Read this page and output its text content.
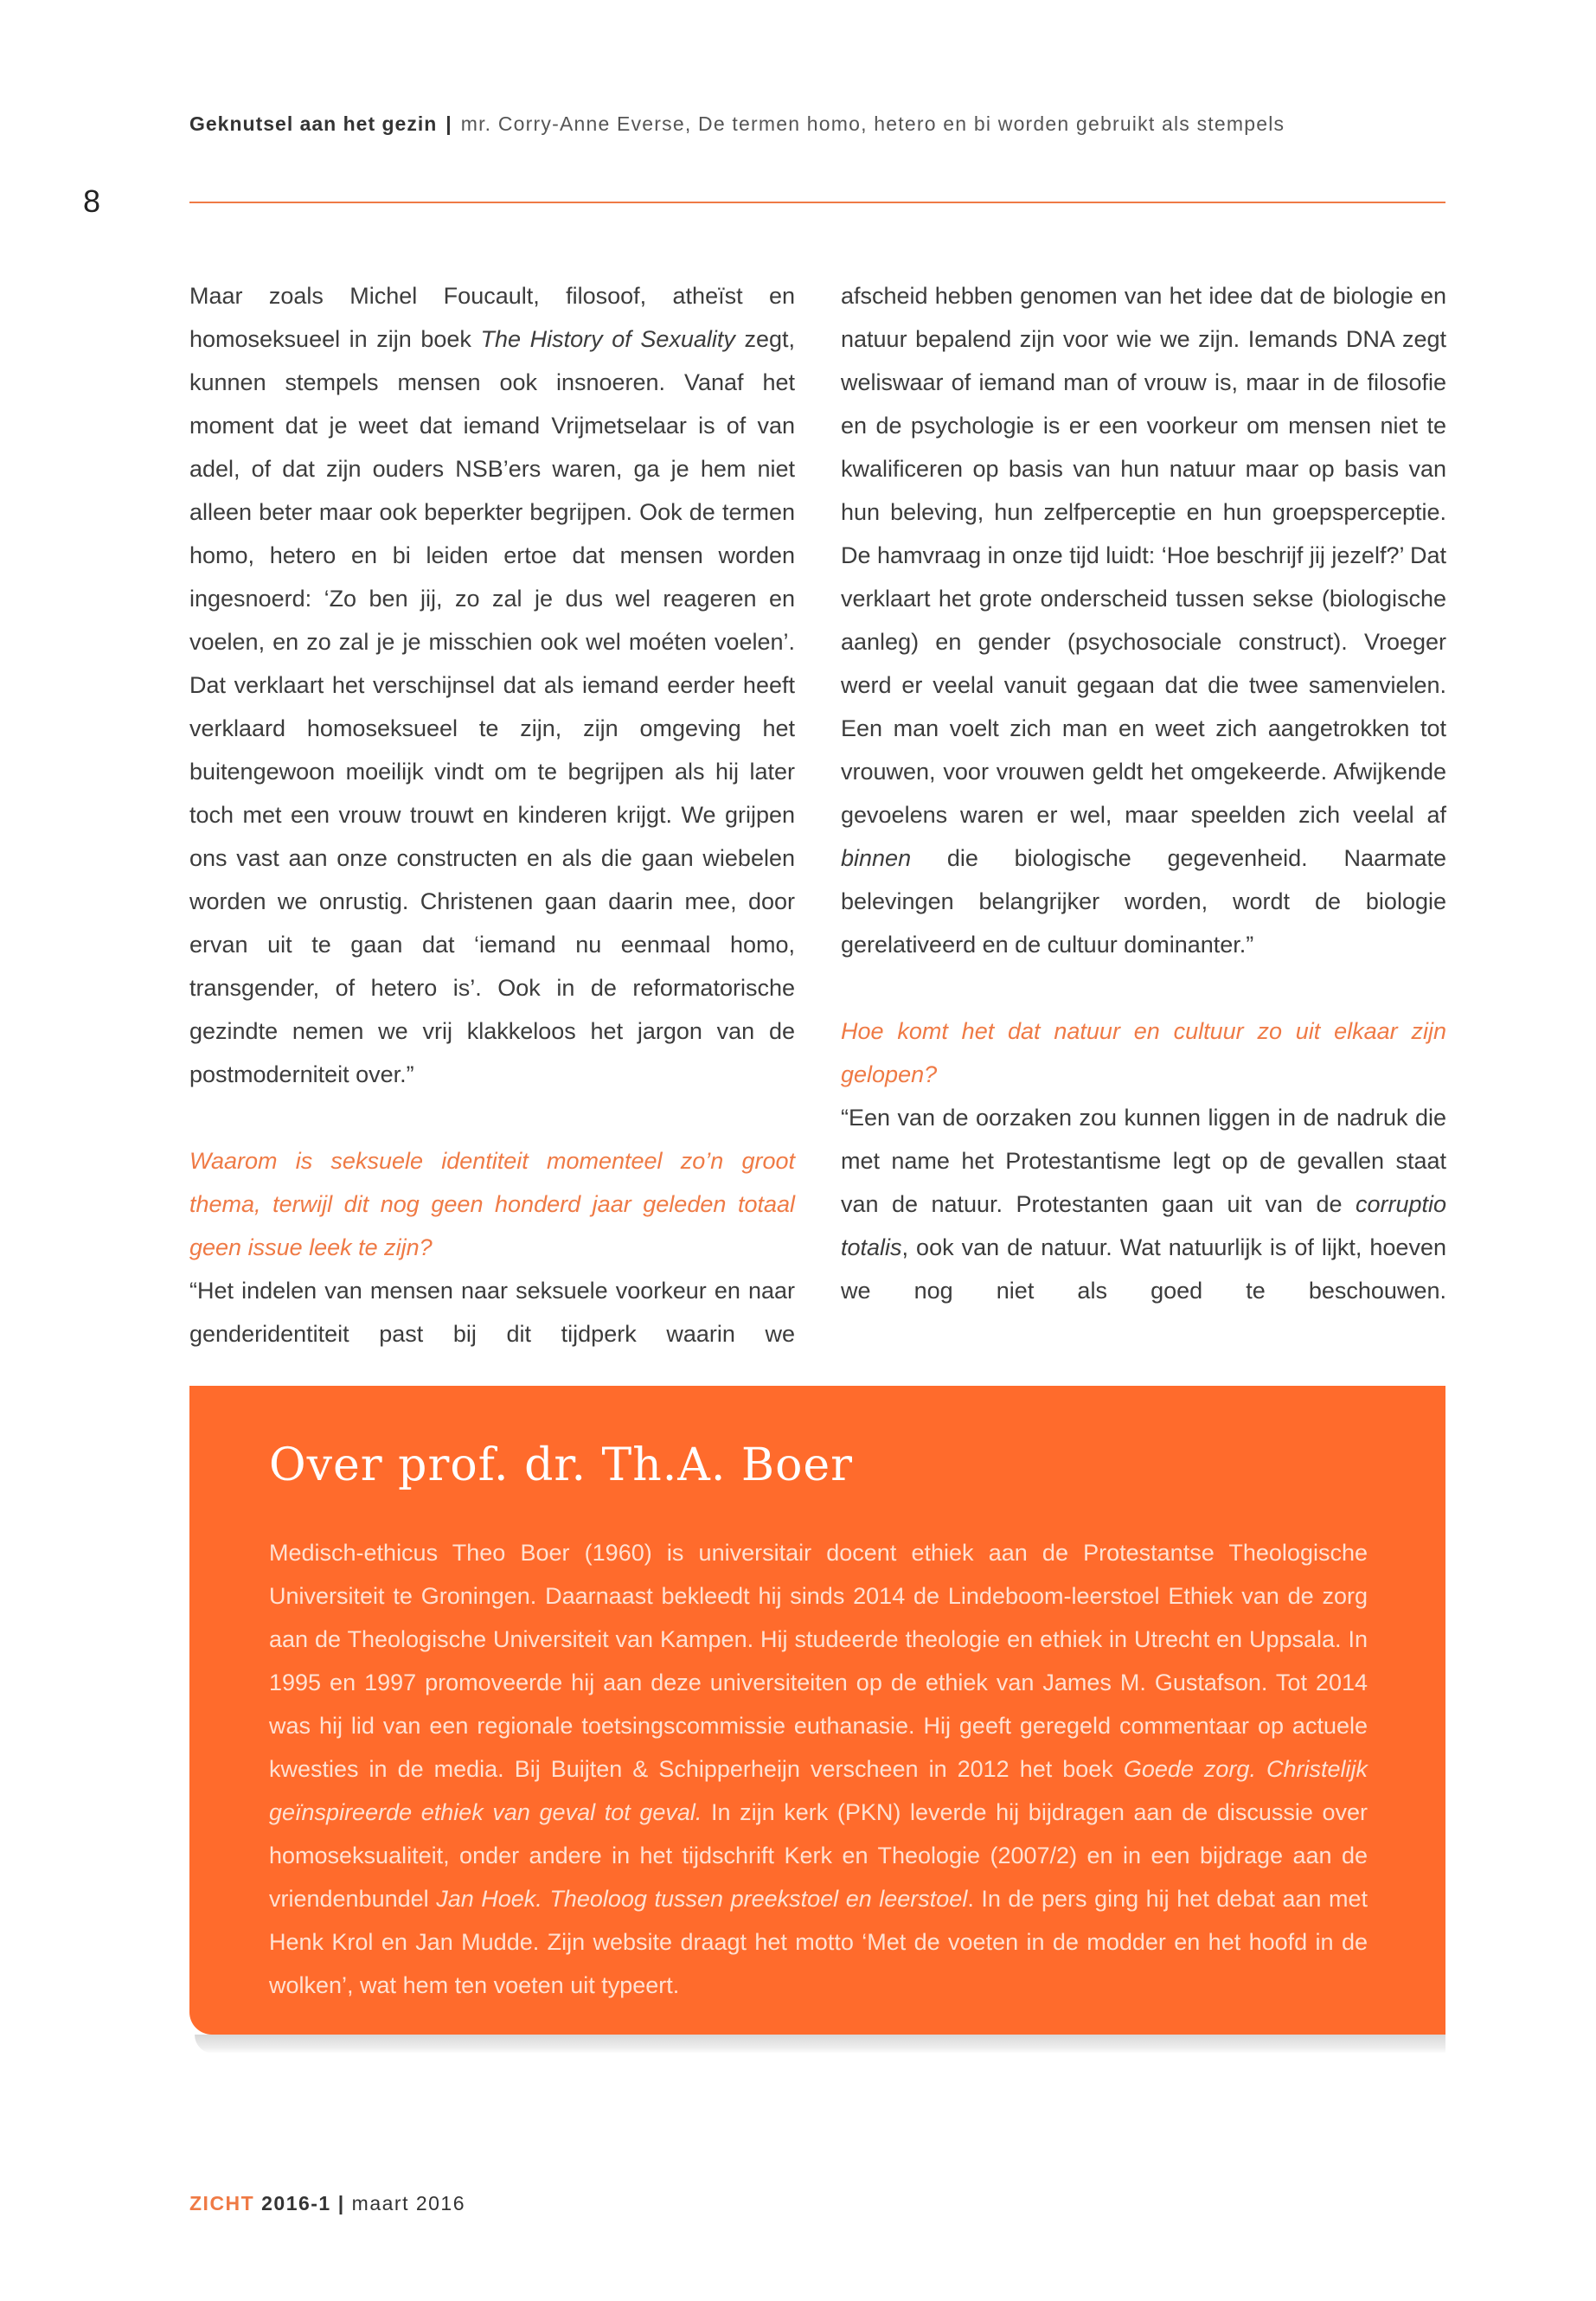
Geknutsel aan het gezin | mr. Corry-Anne Everse, De termen homo, hetero en bi worden gebruikt als stempels
8

Maar zoals Michel Foucault, filosoof, atheïst en homoseksueel in zijn boek The History of Sexuality zegt, kunnen stempels mensen ook insnoeren. Vanaf het moment dat je weet dat iemand Vrijmetselaar is of van adel, of dat zijn ouders NSB’ers waren, ga je hem niet alleen beter maar ook beperkter begrijpen. Ook de termen homo, hetero en bi leiden ertoe dat mensen worden ingesnoerd: ‘Zo ben jij, zo zal je dus wel reageren en voelen, en zo zal je je misschien ook wel moéten voelen’. Dat verklaart het verschijnsel dat als iemand eerder heeft verklaard homoseksueel te zijn, zijn omgeving het buitengewoon moeilijk vindt om te begrijpen als hij later toch met een vrouw trouwt en kinderen krijgt. We grijpen ons vast aan onze constructen en als die gaan wiebelen worden we onrustig. Christenen gaan daarin mee, door ervan uit te gaan dat ‘iemand nu eenmaal homo, transgender, of hetero is’. Ook in de reformatorische gezindte nemen we vrij klakkeloos het jargon van de postmoderniteit over.”

Waarom is seksuele identiteit momenteel zo’n groot thema, terwijl dit nog geen honderd jaar geleden totaal geen issue leek te zijn?

“Het indelen van mensen naar seksuele voorkeur en naar genderidentiteit past bij dit tijdperk waarin we

afscheid hebben genomen van het idee dat de biologie en natuur bepalend zijn voor wie we zijn. Iemands DNA zegt weliswaar of iemand man of vrouw is, maar in de filosofie en de psychologie is er een voorkeur om mensen niet te kwalificeren op basis van hun natuur maar op basis van hun beleving, hun zelfperceptie en hun groepsperceptie. De hamvraag in onze tijd luidt: ‘Hoe beschrijf jij jezelf?’ Dat verklaart het grote onderscheid tussen sekse (biologische aanleg) en gender (psychosociale construct). Vroeger werd er veelal vanuit gegaan dat die twee samenvielen. Een man voelt zich man en weet zich aangetrokken tot vrouwen, voor vrouwen geldt het omgekeerde. Afwijkende gevoelens waren er wel, maar speelden zich veelal af binnen die biologische gegevenheid. Naarmate belevingen belangrijker worden, wordt de biologie gerelativeerd en de cultuur dominanter.”

Hoe komt het dat natuur en cultuur zo uit elkaar zijn gelopen?

“Een van de oorzaken zou kunnen liggen in de nadruk die met name het Protestantisme legt op de gevallen staat van de natuur. Protestanten gaan uit van de corruptio totalis, ook van de natuur. Wat natuurlijk is of lijkt, hoeven we nog niet als goed te beschouwen.

Over prof. dr. Th.A. Boer

Medisch-ethicus Theo Boer (1960) is universitair docent ethiek aan de Protestantse Theologische Universiteit te Groningen. Daarnaast bekleedt hij sinds 2014 de Lindeboom-leerstoel Ethiek van de zorg aan de Theologische Universiteit van Kampen. Hij studeerde theologie en ethiek in Utrecht en Uppsala. In 1995 en 1997 promoveerde hij aan deze universiteiten op de ethiek van James M. Gustafson. Tot 2014 was hij lid van een regionale toetsingscommissie euthanasie. Hij geeft geregeld commentaar op actuele kwesties in de media. Bij Buijten & Schipperheijn verscheen in 2012 het boek Goede zorg. Christelijk geïnspireerde ethiek van geval tot geval. In zijn kerk (PKN) leverde hij bijdragen aan de discussie over homoseksualiteit, onder andere in het tijdschrift Kerk en Theologie (2007/2) en in een bijdrage aan de vriendenbundel Jan Hoek. Theoloog tussen preekstoel en leerstoel. In de pers ging hij het debat aan met Henk Krol en Jan Mudde. Zijn website draagt het motto ‘Met de voeten in de modder en het hoofd in de wolken’, wat hem ten voeten uit typeert.

ZICHT 2016-1 | maart 2016
